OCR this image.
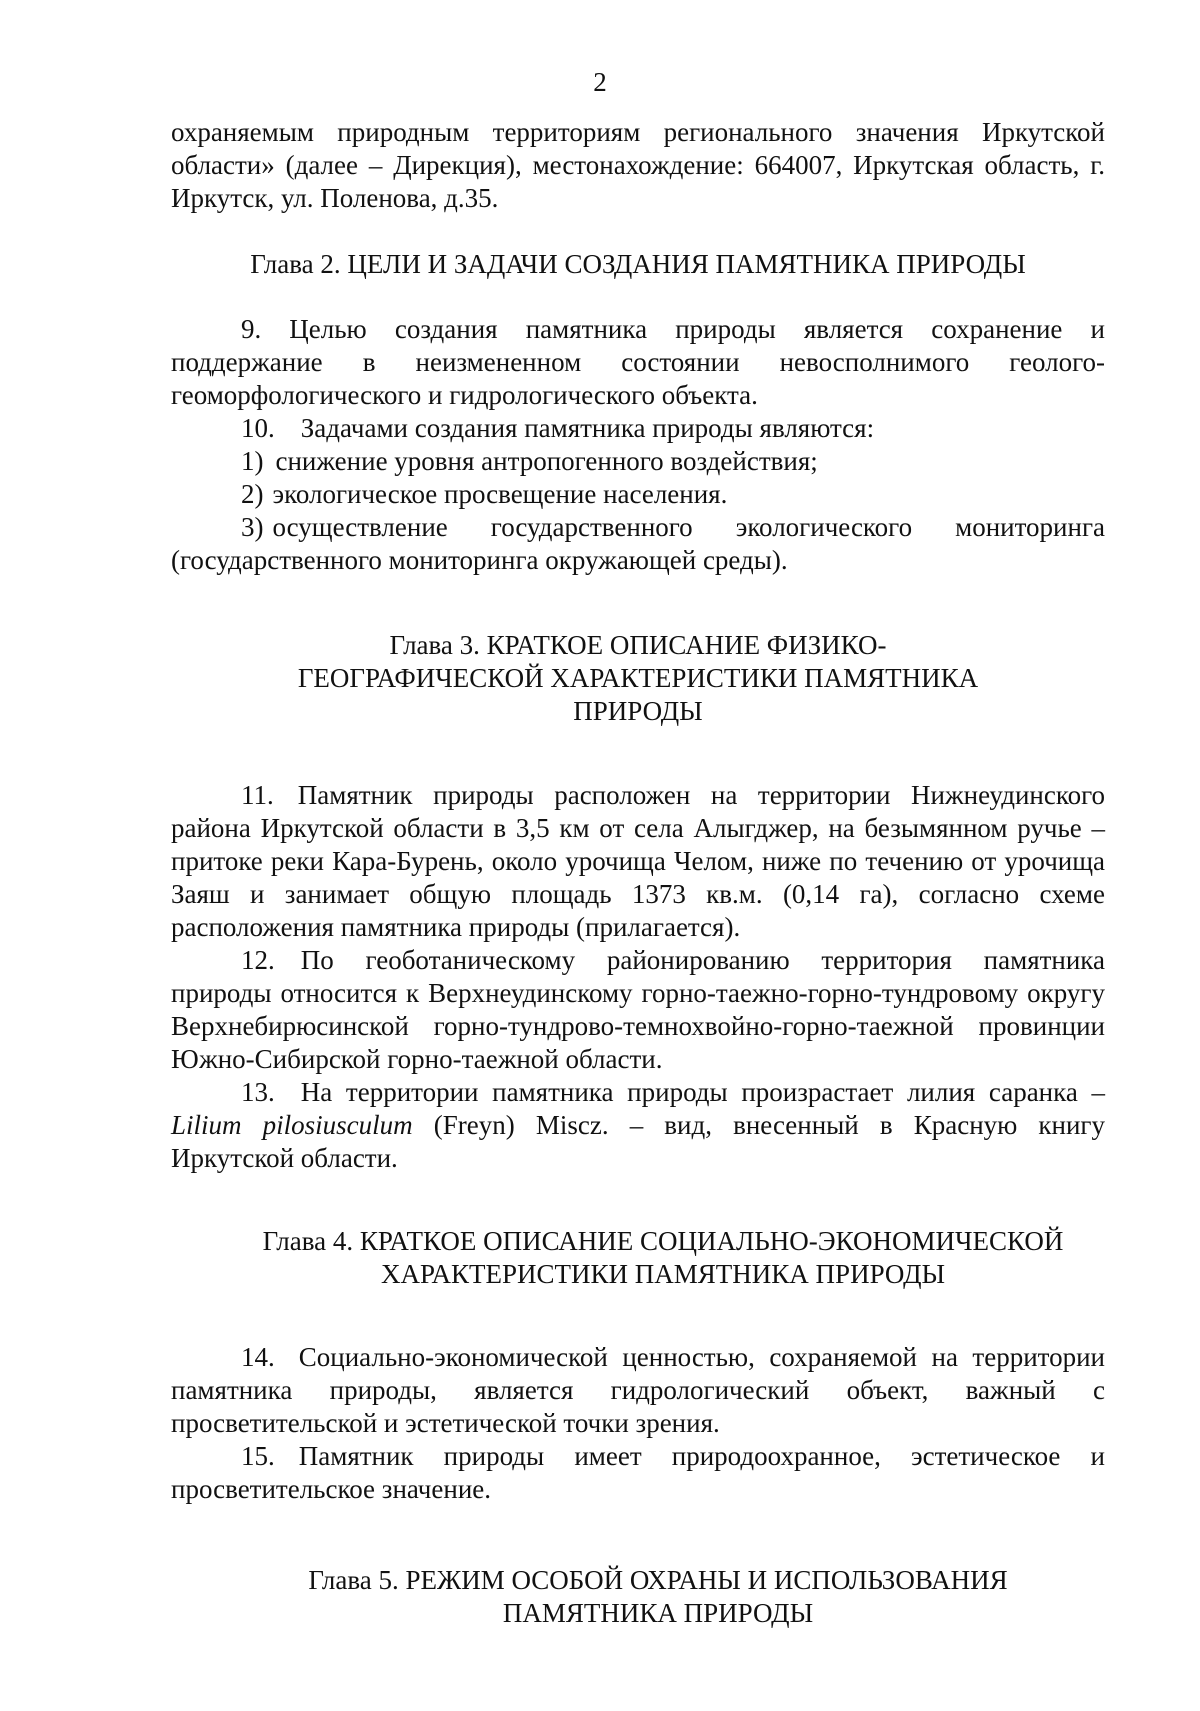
2

охраняемым природным территориям регионального значения Иркутской области» (далее – Дирекция), местонахождение: 664007, Иркутская область, г. Иркутск, ул. Поленова, д.35.

Глава 2. ЦЕЛИ И ЗАДАЧИ СОЗДАНИЯ ПАМЯТНИКА ПРИРОДЫ

9. Целью создания памятника природы является сохранение и поддержание в неизмененном состоянии невосполнимого геолого-геоморфологического и гидрологического объекта.

10. Задачами создания памятника природы являются:

1) снижение уровня антропогенного воздействия;

2) экологическое просвещение населения.

3) осуществление государственного экологического мониторинга (государственного мониторинга окружающей среды).

Глава 3. КРАТКОЕ ОПИСАНИЕ ФИЗИКО-
ГЕОГРАФИЧЕСКОЙ ХАРАКТЕРИСТИКИ ПАМЯТНИКА
ПРИРОДЫ

11. Памятник природы расположен на территории Нижнеудинского района Иркутской области в 3,5 км от села Алыгджер, на безымянном ручье – притоке реки Кара-Бурень, около урочища Челом, ниже по течению от урочища Заяш и занимает общую площадь 1373 кв.м. (0,14 га), согласно схеме расположения памятника природы (прилагается).

12. По геоботаническому районированию территория памятника природы относится к Верхнеудинскому горно-таежно-горно-тундровому округу Верхнебирюсинской горно-тундрово-темнохвойно-горно-таежной провинции Южно-Сибирской горно-таежной области.

13. На территории памятника природы произрастает лилия саранка – Lilium pilosiusculum (Freyn) Miscz. – вид, внесенный в Красную книгу Иркутской области.

Глава 4. КРАТКОЕ ОПИСАНИЕ СОЦИАЛЬНО-ЭКОНОМИЧЕСКОЙ
ХАРАКТЕРИСТИКИ ПАМЯТНИКА ПРИРОДЫ

14. Социально-экономической ценностью, сохраняемой на территории памятника природы, является гидрологический объект, важный с просветительской и эстетической точки зрения.

15. Памятник природы имеет природоохранное, эстетическое и просветительское значение.

Глава 5. РЕЖИМ ОСОБОЙ ОХРАНЫ И ИСПОЛЬЗОВАНИЯ
ПАМЯТНИКА ПРИРОДЫ
